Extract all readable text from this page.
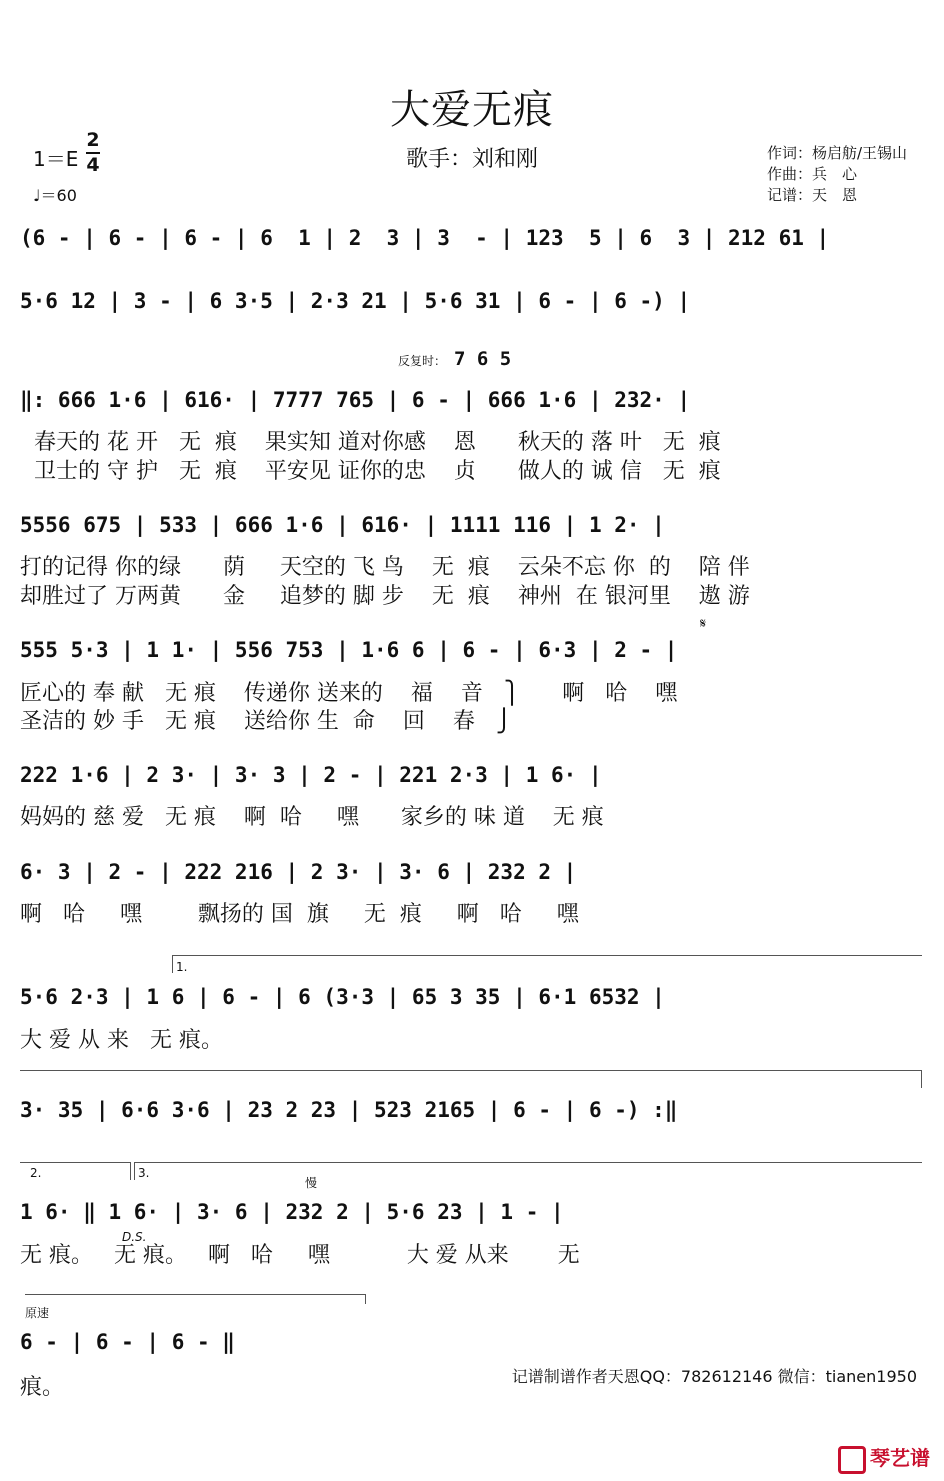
大爱无痕
歌手：刘和刚
1＝E
2
4
♩＝60
作词：杨启舫/王锡山
作曲：兵　心
记谱：天　恩
(6 - | 6 - | 6 - | 6  1 | 2  3 | 3  - | 123  5 | 6  3 | 212 61 |
5·6 12 | 3 - | 6 3·5 | 2·3 21 | 5·6 31 | 6 - | 6 -) |
反复时： 7 6 5
‖: 666 1·6 | 616· | 7777 765 | 6 - | 666 1·6 | 232· |
春天的 花 开   无  痕    果实知 道对你感    恩      秋天的 落 叶   无  痕
卫士的 守 护   无  痕    平安见 证你的忠    贞      做人的 诚 信   无  痕
5556 675 | 533 | 666 1·6 | 616· | 1111 116 | 1 2· |
打的记得 你的绿      荫     天空的 飞 鸟    无  痕    云朵不忘 你  的    陪 伴
却胜过了 万两黄      金     追梦的 脚 步    无  痕    神州  在 银河里    遨 游
𝄋
555 5·3 | 1 1· | 556 753 | 1·6 6 | 6 - | 6·3 | 2 - |
匠心的 奉 献   无 痕    传递你 送来的    福    音   ⎫      啊   哈    嘿
圣洁的 妙 手   无 痕    送给你 生  命    回    春   ⎭
222 1·6 | 2 3· | 3· 3 | 2 - | 221 2·3 | 1 6· |
妈妈的 慈 爱   无 痕    啊  哈     嘿      家乡的 味 道    无 痕
6· 3 | 2 - | 222 216 | 2 3· | 3· 6 | 232 2 |
啊   哈     嘿        飘扬的 国  旗     无  痕     啊   哈     嘿
1.
5·6 2·3 | 1 6 | 6 - | 6 (3·3 | 65 3 35 | 6·1 6532 |
大 爱 从 来   无 痕。
3· 35 | 6·6 3·6 | 23 2 23 | 523 2165 | 6 - | 6 -) :‖
2.	3.
慢
1 6· ‖ 1 6· | 3· 6 | 232 2 | 5·6 23 | 1 - |
D.S.
无 痕。   无 痕。   啊   哈     嘿           大 爱 从来       无
原速
6 - | 6 - | 6 - ‖
痕。	记谱制谱作者天恩QQ：782612146 微信：tianen1950
琴艺谱
